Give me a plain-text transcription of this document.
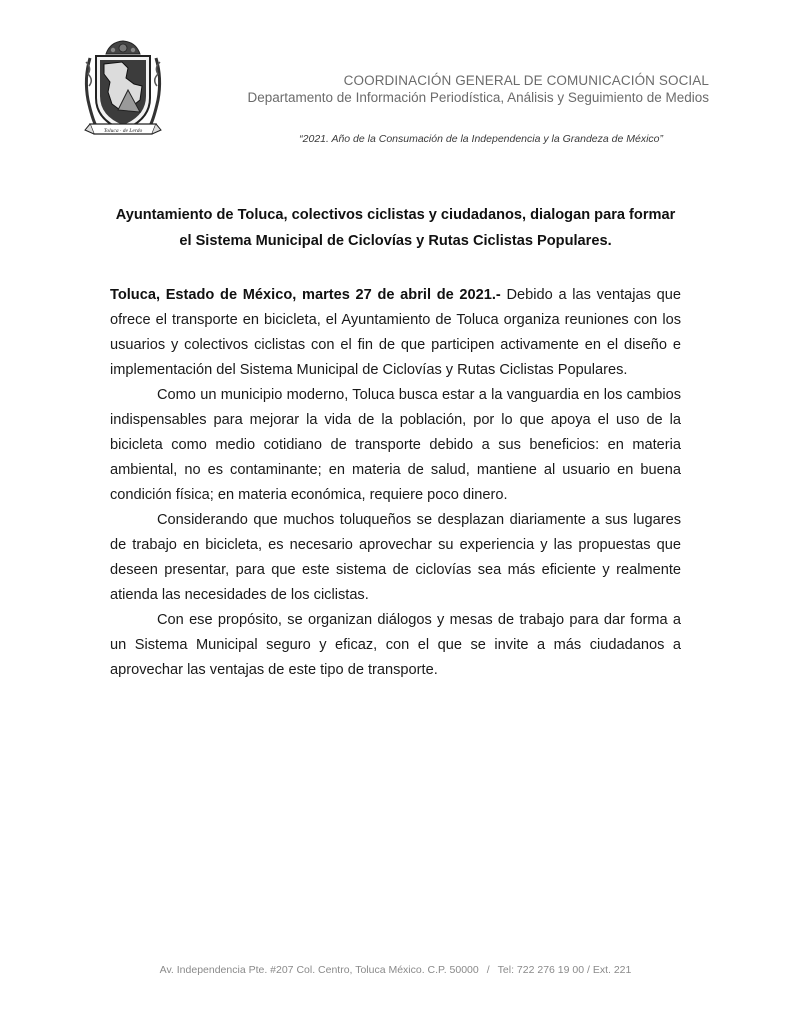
Toluca · de Lerdo
COORDINACIÓN GENERAL DE COMUNICACIÓN SOCIAL
Departamento de Información Periodística, Análisis y Seguimiento de Medios
“2021. Año de la Consumación de la Independencia y la Grandeza de México”
Ayuntamiento de Toluca, colectivos ciclistas y ciudadanos, dialogan para formar el Sistema Municipal de Ciclovías y Rutas Ciclistas Populares.

Toluca, Estado de México, martes 27 de abril de 2021.- Debido a las ventajas que ofrece el transporte en bicicleta, el Ayuntamiento de Toluca organiza reuniones con los usuarios y colectivos ciclistas con el fin de que participen activamente en el diseño e implementación del Sistema Municipal de Ciclovías y Rutas Ciclistas Populares.

Como un municipio moderno, Toluca busca estar a la vanguardia en los cambios indispensables para mejorar la vida de la población, por lo que apoya el uso de la bicicleta como medio cotidiano de transporte debido a sus beneficios: en materia ambiental, no es contaminante; en materia de salud, mantiene al usuario en buena condición física; en materia económica, requiere poco dinero.

Considerando que muchos toluqueños se desplazan diariamente a sus lugares de trabajo en bicicleta, es necesario aprovechar su experiencia y las propuestas que deseen presentar, para que este sistema de ciclovías sea más eficiente y realmente atienda las necesidades de los ciclistas.

Con ese propósito, se organizan diálogos y mesas de trabajo para dar forma a un Sistema Municipal seguro y eficaz, con el que se invite a más ciudadanos a aprovechar las ventajas de este tipo de transporte.

Av. Independencia Pte. #207 Col. Centro, Toluca México. C.P. 50000 / Tel: 722 276 19 00 / Ext. 221
